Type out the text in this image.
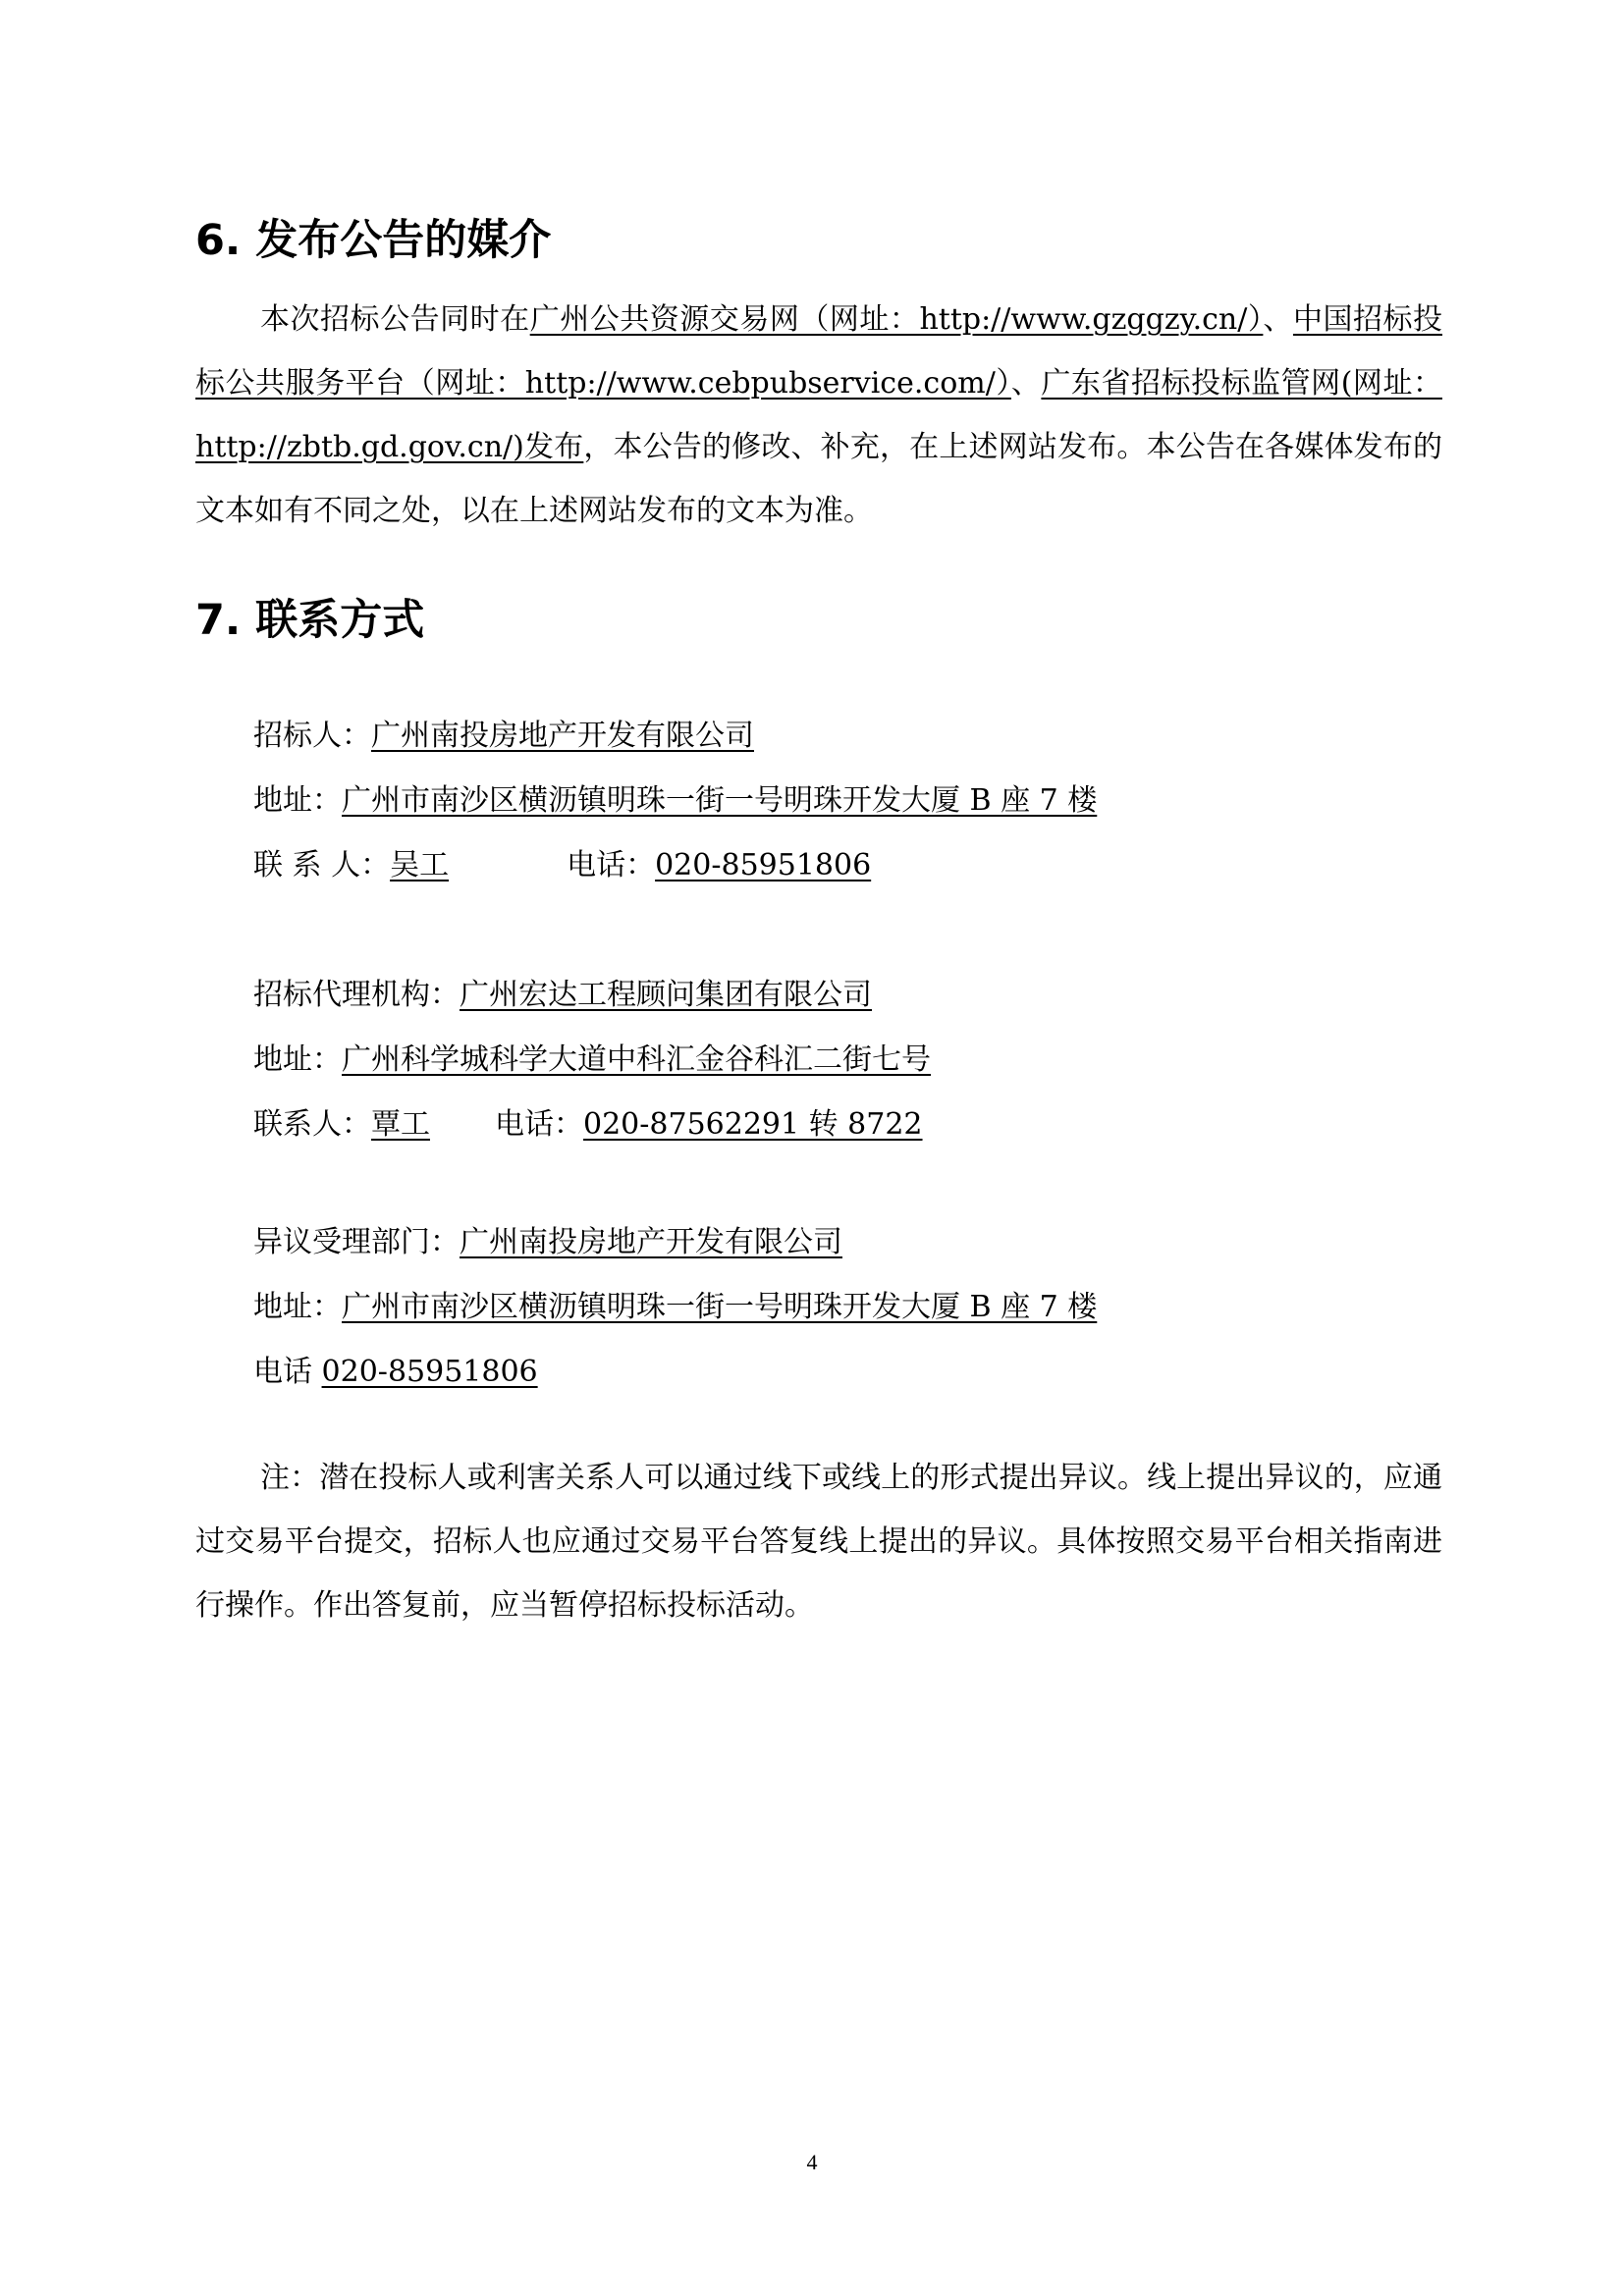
6. 发布公告的媒介
本次招标公告同时在广州公共资源交易网（网址：http://www.gzggzy.cn/）、中国招标投标公共服务平台（网址：http://www.cebpubservice.com/）、广东省招标投标监管网(网址：http://zbtb.gd.gov.cn/)发布，本公告的修改、补充，在上述网站发布。本公告在各媒体发布的文本如有不同之处，以在上述网站发布的文本为准。
7. 联系方式
招标人：广州南投房地产开发有限公司
地址：广州市南沙区横沥镇明珠一街一号明珠开发大厦 B 座 7 楼
联 系 人：吴工	电话：020-85951806
招标代理机构：广州宏达工程顾问集团有限公司
地址：广州科学城科学大道中科汇金谷科汇二街七号
联系人：覃工 电话：020-87562291 转 8722
异议受理部门：广州南投房地产开发有限公司
地址：广州市南沙区横沥镇明珠一街一号明珠开发大厦 B 座 7 楼
电话 020-85951806
注：潜在投标人或利害关系人可以通过线下或线上的形式提出异议。线上提出异议的，应通过交易平台提交，招标人也应通过交易平台答复线上提出的异议。具体按照交易平台相关指南进行操作。作出答复前，应当暂停招标投标活动。
4
